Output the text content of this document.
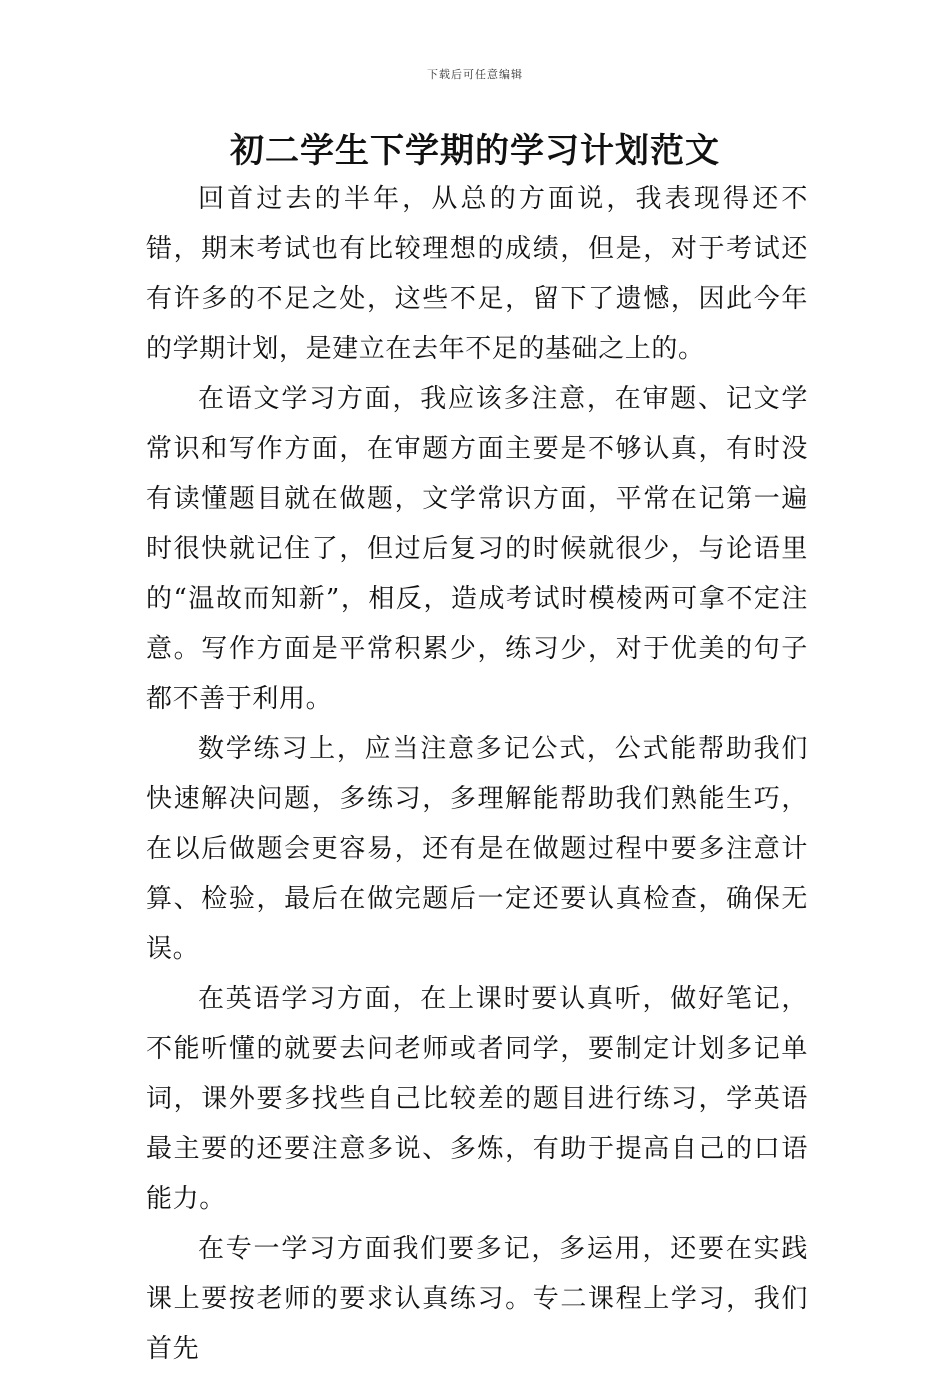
下载后可任意编辑
初二学生下学期的学习计划范文

回首过去的半年，从总的方面说，我表现得还不错，期末考试也有比较理想的成绩，但是，对于考试还有许多的不足之处，这些不足，留下了遗憾，因此今年的学期计划，是建立在去年不足的基础之上的。

在语文学习方面，我应该多注意，在审题、记文学常识和写作方面，在审题方面主要是不够认真，有时没有读懂题目就在做题，文学常识方面，平常在记第一遍时很快就记住了，但过后复习的时候就很少，与论语里的“温故而知新”，相反，造成考试时模棱两可拿不定注意。写作方面是平常积累少，练习少，对于优美的句子都不善于利用。

数学练习上，应当注意多记公式，公式能帮助我们快速解决问题，多练习，多理解能帮助我们熟能生巧，在以后做题会更容易，还有是在做题过程中要多注意计算、检验，最后在做完题后一定还要认真检查，确保无误。

在英语学习方面，在上课时要认真听，做好笔记，不能听懂的就要去问老师或者同学，要制定计划多记单词，课外要多找些自己比较差的题目进行练习，学英语最主要的还要注意多说、多炼，有助于提高自己的口语能力。

在专一学习方面我们要多记，多运用，还要在实践课上要按老师的要求认真练习。专二课程上学习，我们首先
